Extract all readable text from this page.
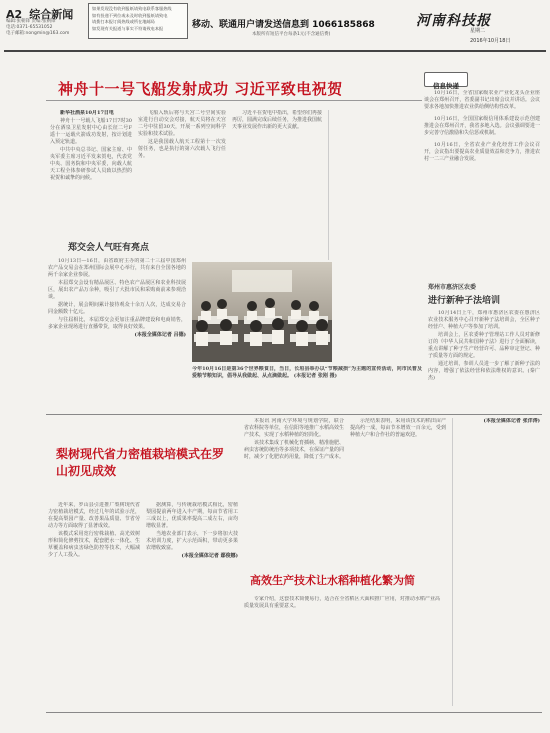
A2 综合新闻
编辑:张朝锋 责编:张朝锋
电话:0371-65531052
电子邮箱:nongmin@163.com
如果发现没有收到报纸请致电联系客服热线
如有投递不到位或未及时收到报纸请致电
请拨打本报订阅热线或所在地邮局
如发现有关报道与事实不符请致电本报	移动、联通用户请发送信息到 1066185868
本版所有短信平台每条1元(不含通信费)
河南科技报
星期二
2016年10月18日
神舟十一号飞船发射成功 习近平致电祝贺

新华社酒泉10月17日电

神舟十一号载人飞船17日7时30分在酒泉卫星发射中心由长征二号F遥十一运载火箭成功发射，按计划进入预定轨道。

中共中央总书记、国家主席、中央军委主席习近平发来贺电，代表党中央、国务院和中央军委，向载人航天工程全体参研参试人员致以热烈的祝贺和诚挚的问候。

飞船入轨后将与天宫二号空间实验室进行自动交会对接，航天员将在天宫二号中驻留30天，开展一系列空间科学实验和技术试验。

这是我国载人航天工程第十一次发射任务，也是执行的第六次载人飞行任务。

习近平在贺电中指出，希望你们再接再厉，圆满完成后续任务，为推进我国航天事业发展作出新的更大贡献。

信息快递

10月16日，全省国家级农业产业化龙头企业座谈会在郑州召开，省委副书记出席会议并讲话。会议要求各地加快推进农业供给侧结构性改革。

10月16日，全国国家级信用体系建设示范创建推进会在郑州召开，我省多地入选。会议强调要进一步完善守信激励和失信惩戒机制。

10月16日，全省农业产业化经营工作会议召开，会议指出要提高农业质量效益和竞争力，推进农村一二三产业融合发展。

郑交会人气旺有亮点

10月13日—16日，由省政府主办的第二十三届中国郑州农产品交易会在郑州国际会展中心举行，共有来自全国各地的两千余家企业参展。

本届郑交会设有精品展区、特色农产品展区和农业科技展区，展出农产品万余种，吸引了大批市民和采购商前来参观洽谈。

据统计，展会期间累计接待观众十余万人次，达成交易合同金额数十亿元。

与往届相比，本届郑交会更加注重品牌建设和电商销售，多家企业现场进行直播带货，取得良好效果。

(本报全媒体记者 吕德)

今年10月16日是第36个世界粮食日，当日，长垣县举办以“节粮减损”为主题的宣传活动，向市民普及爱粮节粮知识，倡导从我做起、从点滴做起。 (本报记者 张刚 摄)
郑州市惠济区农委
进行新种子法培训

10月14日上午，郑州市惠济区农委在惠济区农业技术服务中心召开新种子法培训会，全区种子经营户、种植大户等参加了培训。

培训会上，区农委种子管理站工作人员对新修订的《中华人民共和国种子法》进行了全面解读，重点讲解了种子生产经营许可、品种审定登记、种子质量等方面的规定。

通过培训，参训人员进一步了解了新种子法的内容，增强了依法经营和依法维权的意识。(秦广杰)

梨树现代省力密植栽培模式在罗山初见成效

近年来，罗山县引进推广梨树现代省力密植栽培模式，经过几年的试验示范，在提高梨园产量、改善果品质量、节省劳动力等方面取得了显著成效。

该模式采用宽行密株栽植、高光效树形和简化修剪技术，配套肥水一体化、生草覆盖和病虫害绿色防控等技术，大幅减少了人工投入。

据测算，与传统栽培模式相比，密植梨园提前两年进入丰产期，每亩节省用工三成以上，优质果率提高二成左右，亩均增收显著。

当地农业部门表示，下一步将加大技术培训力度，扩大示范面积，带动更多果农增收致富。

(本报全媒体记者 鄢俊娜)

本报讯 河南大学环境与规划学院，联合省农科院等单位，在信阳等地推广水稻高效生产技术，实现了水稻种植的轻简化。

该技术集成了机械化育插秧、精准施肥、病虫害统防统治等多项技术，在保证产量的同时，减少了化肥农药用量，降低了生产成本。

示范结果表明，采用该技术的稻田亩产提高约一成，每亩节本增效一百余元，受到种植大户和合作社的普遍欢迎。

高效生产技术让水稻种植化繁为简

专家介绍，这套技术简便易行，适合在全省稻区大面积推广应用，对推动水稻产业高质量发展具有重要意义。

(本报全媒体记者 张洋涛)
